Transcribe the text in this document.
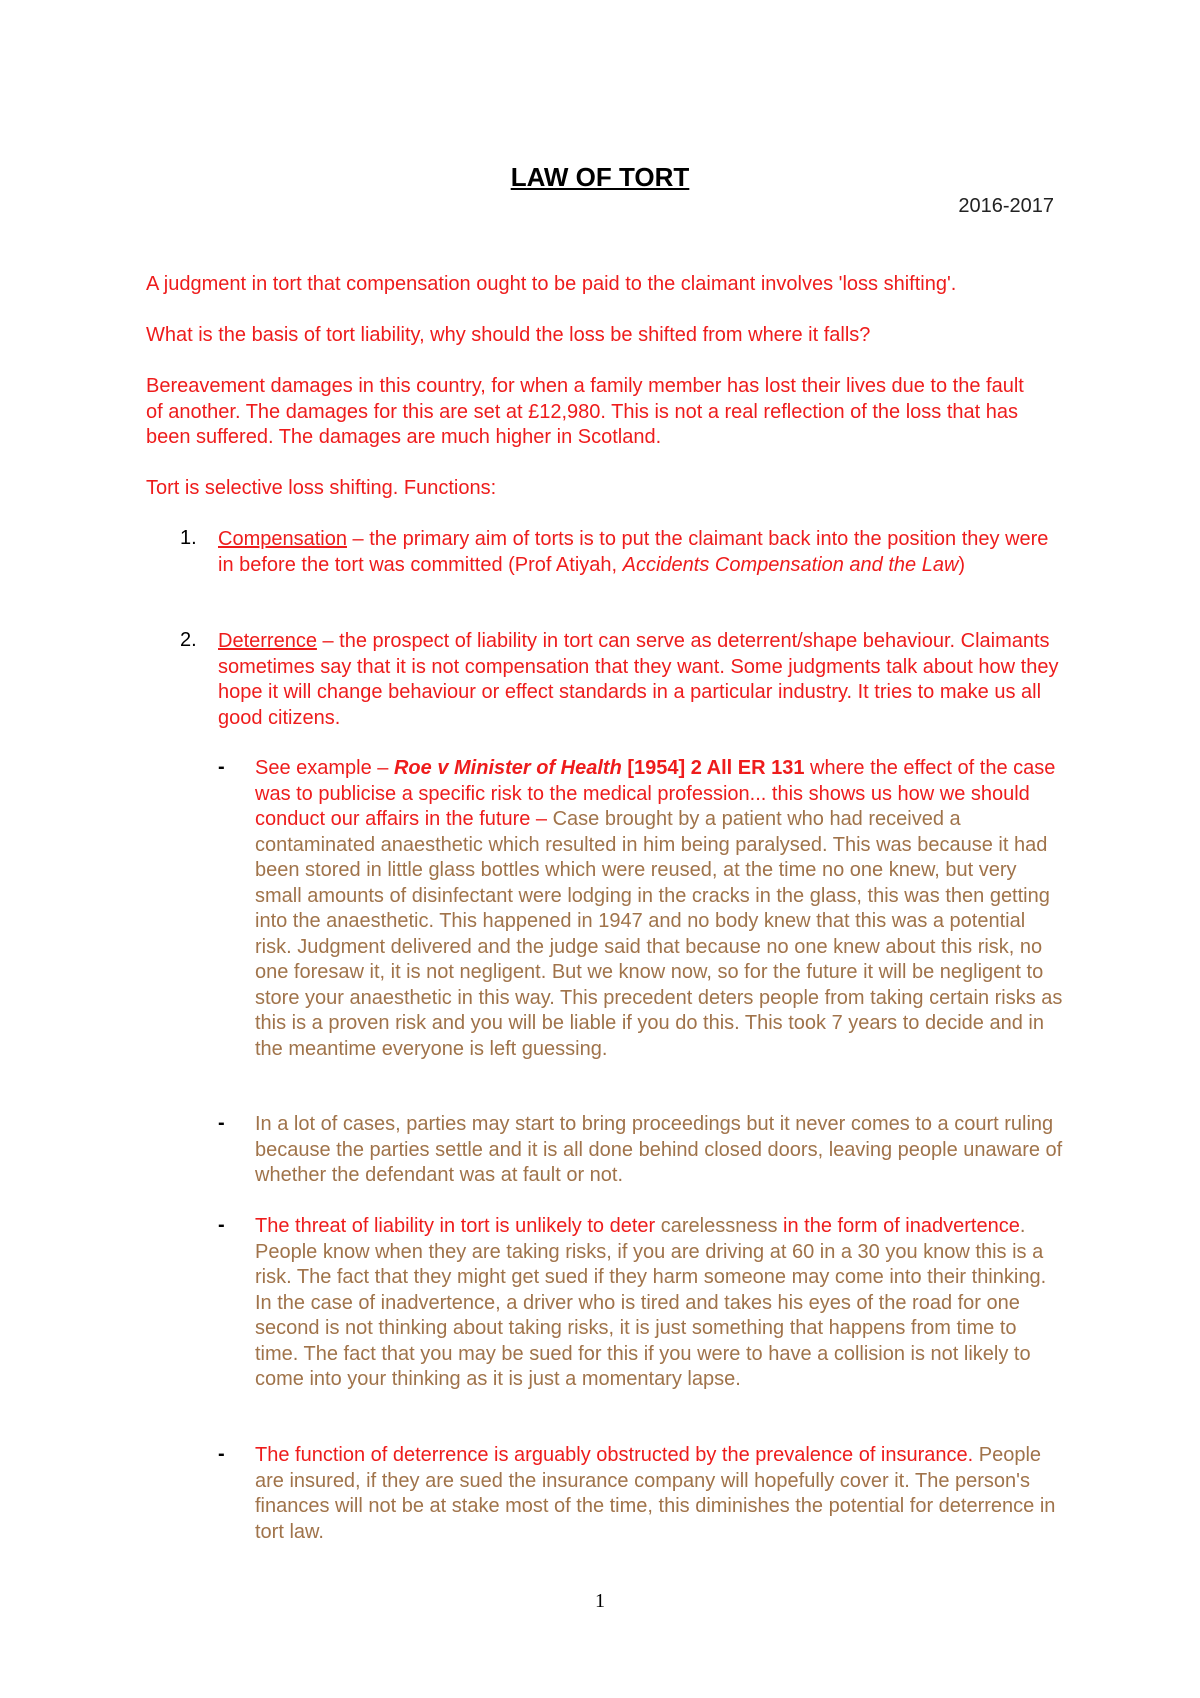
LAW OF TORT
2016-2017

A judgment in tort that compensation ought to be paid to the claimant involves 'loss shifting'.

What is the basis of tort liability, why should the loss be shifted from where it falls?

Bereavement damages in this country, for when a family member has lost their lives due to the fault of another. The damages for this are set at £12,980. This is not a real reflection of the loss that has been suffered. The damages are much higher in Scotland.

Tort is selective loss shifting. Functions:

1. Compensation – the primary aim of torts is to put the claimant back into the position they were in before the tort was committed (Prof Atiyah, Accidents Compensation and the Law)

2. Deterrence – the prospect of liability in tort can serve as deterrent/shape behaviour. Claimants sometimes say that it is not compensation that they want. Some judgments talk about how they hope it will change behaviour or effect standards in a particular industry. It tries to make us all good citizens.

- See example – Roe v Minister of Health [1954] 2 All ER 131 where the effect of the case was to publicise a specific risk to the medical profession... this shows us how we should conduct our affairs in the future – Case brought by a patient who had received a contaminated anaesthetic which resulted in him being paralysed. This was because it had been stored in little glass bottles which were reused, at the time no one knew, but very small amounts of disinfectant were lodging in the cracks in the glass, this was then getting into the anaesthetic. This happened in 1947 and no body knew that this was a potential risk. Judgment delivered and the judge said that because no one knew about this risk, no one foresaw it, it is not negligent. But we know now, so for the future it will be negligent to store your anaesthetic in this way. This precedent deters people from taking certain risks as this is a proven risk and you will be liable if you do this. This took 7 years to decide and in the meantime everyone is left guessing.

- In a lot of cases, parties may start to bring proceedings but it never comes to a court ruling because the parties settle and it is all done behind closed doors, leaving people unaware of whether the defendant was at fault or not.

- The threat of liability in tort is unlikely to deter carelessness in the form of inadvertence. People know when they are taking risks, if you are driving at 60 in a 30 you know this is a risk. The fact that they might get sued if they harm someone may come into their thinking. In the case of inadvertence, a driver who is tired and takes his eyes of the road for one second is not thinking about taking risks, it is just something that happens from time to time. The fact that you may be sued for this if you were to have a collision is not likely to come into your thinking as it is just a momentary lapse.

- The function of deterrence is arguably obstructed by the prevalence of insurance. People are insured, if they are sued the insurance company will hopefully cover it. The person's finances will not be at stake most of the time, this diminishes the potential for deterrence in tort law.

1
